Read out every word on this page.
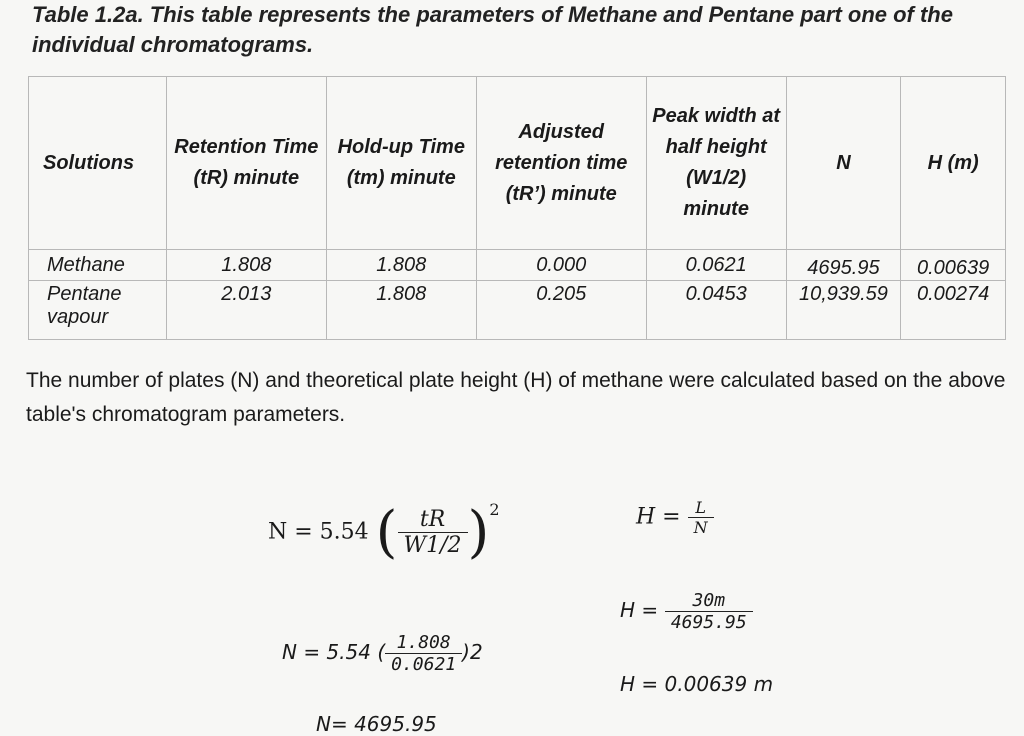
Table 1.2a. This table represents the parameters of Methane and Pentane part one of the individual chromatograms.
Solutions	Retention Time (tR) minute	Hold-up Time (tm) minute	Adjusted retention time (tR’) minute	Peak width at half height (W1/2) minute	N	H (m)
Methane	1.808	1.808	0.000	0.0621	4695.95	0.00639
Pentane vapour	2.013	1.808	0.205	0.0453	10,939.59	0.00274
The number of plates (N) and theoretical plate height (H) of methane were calculated based on the above table's chromatogram parameters.
N = 5.54 ( $\frac{tR}{W1/2} )^2$	$H = \frac{L}{N}$
$H = \frac{30m}{4695.95}$
N = 5.54 ( $\frac{1.808}{0.0621} )2$
H = 0.00639 m
N= 4695.95
